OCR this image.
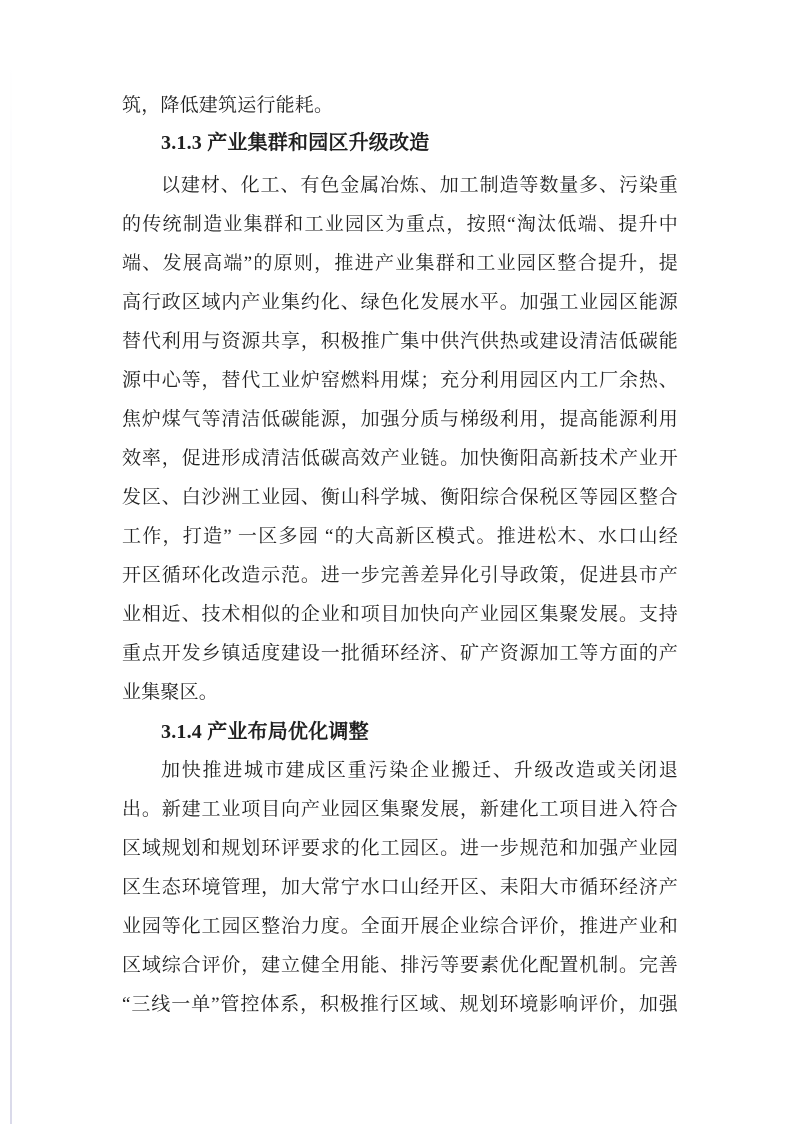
筑，降低建筑运行能耗。
3.1.3 产业集群和园区升级改造
以建材、化工、有色金属冶炼、加工制造等数量多、污染重
的传统制造业集群和工业园区为重点，按照“淘汰低端、提升中
端、发展高端”的原则，推进产业集群和工业园区整合提升，提
高行政区域内产业集约化、绿色化发展水平。加强工业园区能源
替代利用与资源共享，积极推广集中供汽供热或建设清洁低碳能
源中心等，替代工业炉窑燃料用煤；充分利用园区内工厂余热、
焦炉煤气等清洁低碳能源，加强分质与梯级利用，提高能源利用
效率，促进形成清洁低碳高效产业链。加快衡阳高新技术产业开
发区、白沙洲工业园、衡山科学城、衡阳综合保税区等园区整合
工作，打造” 一区多园 “的大高新区模式。推进松木、水口山经
开区循环化改造示范。进一步完善差异化引导政策，促进县市产
业相近、技术相似的企业和项目加快向产业园区集聚发展。支持
重点开发乡镇适度建设一批循环经济、矿产资源加工等方面的产
业集聚区。
3.1.4 产业布局优化调整
加快推进城市建成区重污染企业搬迁、升级改造或关闭退
出。新建工业项目向产业园区集聚发展，新建化工项目进入符合
区域规划和规划环评要求的化工园区。进一步规范和加强产业园
区生态环境管理，加大常宁水口山经开区、耒阳大市循环经济产
业园等化工园区整治力度。全面开展企业综合评价，推进产业和
区域综合评价，建立健全用能、排污等要素优化配置机制。完善
“三线一单”管控体系，积极推行区域、规划环境影响评价，加强
